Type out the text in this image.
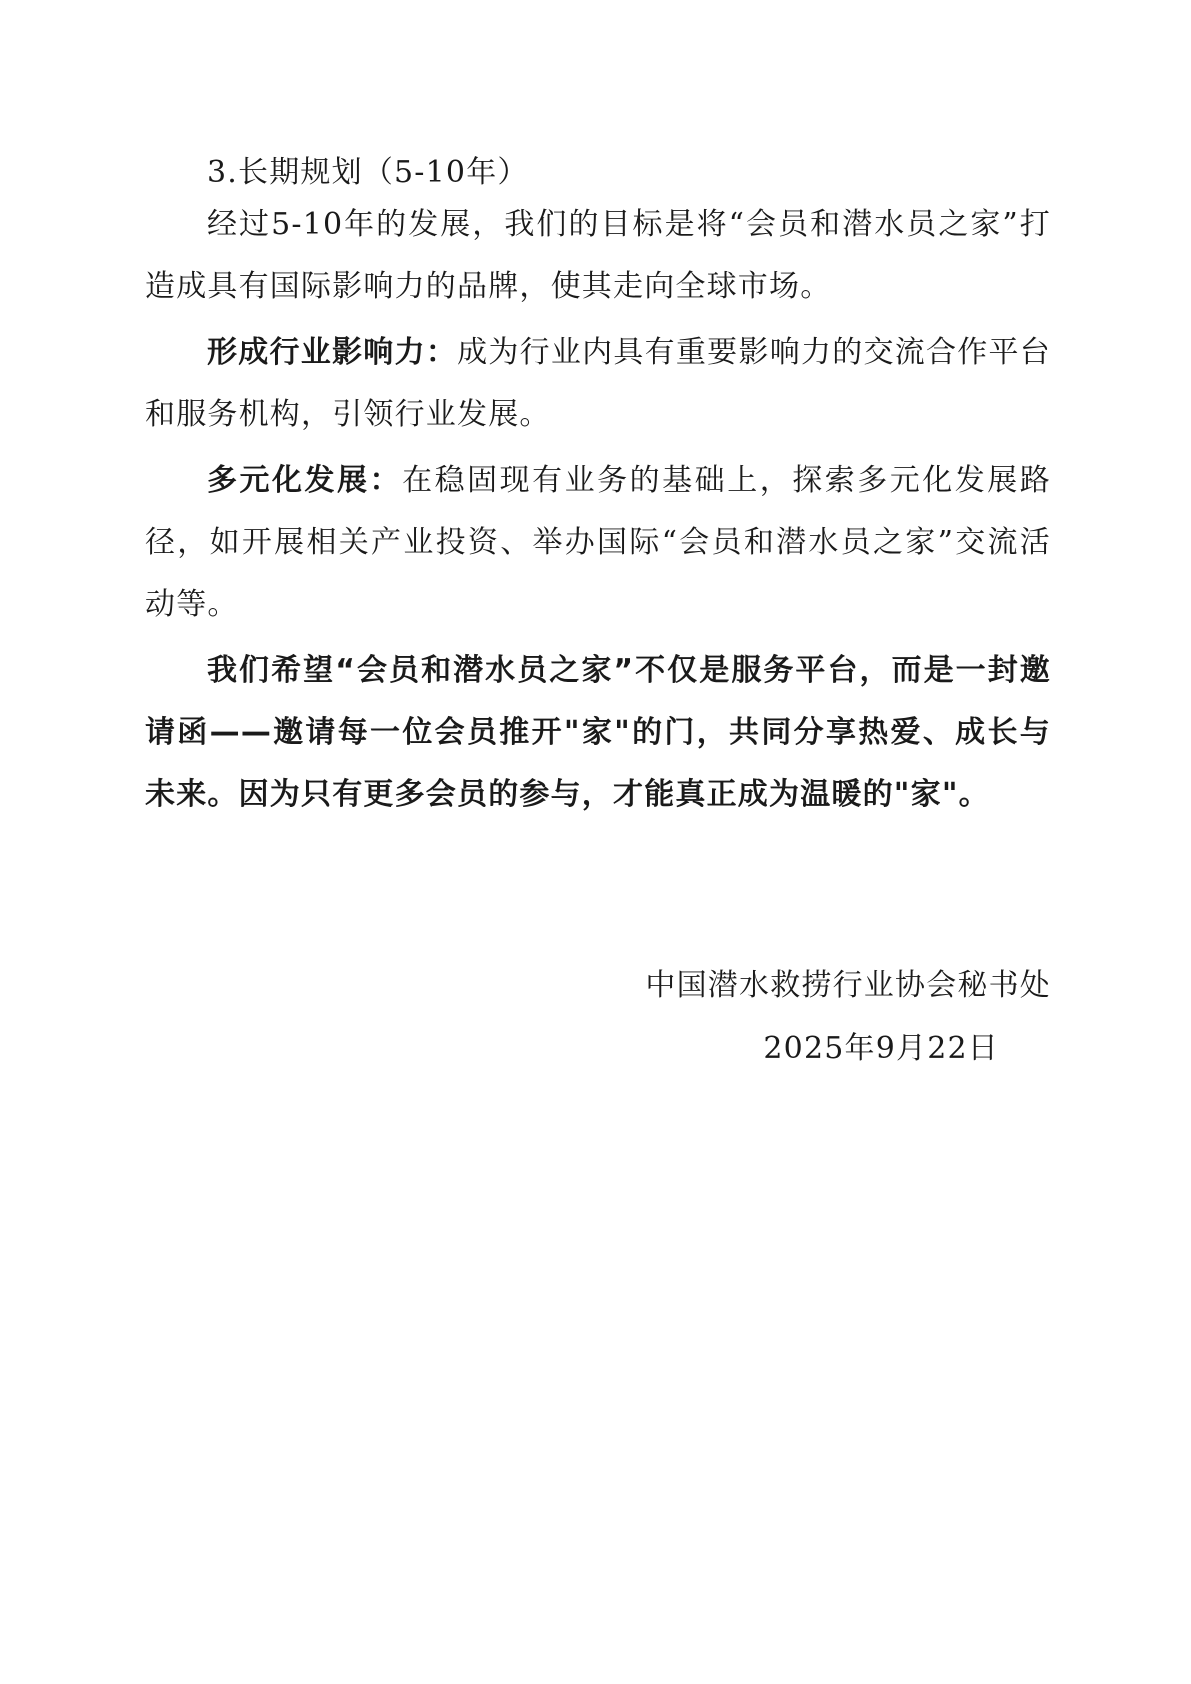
3.长期规划（5-10年）

经过5-10年的发展，我们的目标是将“会员和潜水员之家”打造成具有国际影响力的品牌，使其走向全球市场。

形成行业影响力：成为行业内具有重要影响力的交流合作平台和服务机构，引领行业发展。

多元化发展：在稳固现有业务的基础上，探索多元化发展路径，如开展相关产业投资、举办国际“会员和潜水员之家”交流活动等。

我们希望“会员和潜水员之家”不仅是服务平台，而是一封邀请函——邀请每一位会员推开"家"的门，共同分享热爱、成长与未来。因为只有更多会员的参与，才能真正成为温暖的"家"。

中国潜水救捞行业协会秘书处

2025年9月22日
